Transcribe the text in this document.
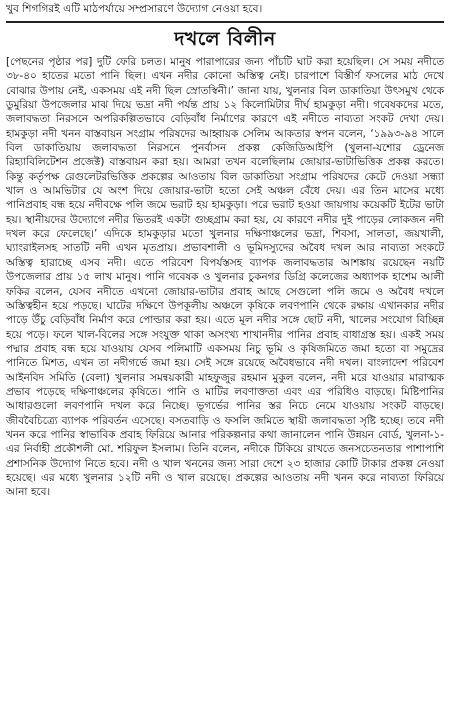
খুব শিগগিরই এটি মাঠপর্যায়ে সম্প্রসারণে উদ্যোগ নেওয়া হবে।

দখলে বিলীন

[পেছনের পৃষ্ঠার পর] দুটি ফেরি চলত। মানুষ পারাপারের জন্য পাঁচটি ঘাট করা হয়েছিল। সে সময় নদীতে ৩৮-৪০ হাতের মতো পানি ছিল। এখন নদীর কোনো অস্তিত্ব নেই। চারপাশে বিস্তীর্ণ ফসলের মাঠ দেখে বোঝার উপায় নেই, একসময় এই নদী ছিল স্রোতস্বিনী।’ জানা যায়, খুলনার বিল ডাকাতিয়া উৎসমুখ থেকে ডুমুরিয়া উপজেলার মাঝ দিয়ে ভদ্রা নদী পর্যন্ত প্রায় ১২ কিলোমিটার দীর্ঘ হামকুড়া নদী। গবেষকদের মতে, জলাবদ্ধতা নিরসনে অপরিকল্পিতভাবে বেড়িবাঁধ নির্মাণের কারণে এই নদীতে নাব্যতা সংকট দেখা দেয়। হামকুড়া নদী খনন বাস্তবায়ন সংগ্রাম পরিষদের আহ্বায়ক সেলিম আকতার স্বপন বলেন, ‘১৯৯৩-৯৪ সালে বিল ডাকাতিয়ায় জলাবদ্ধতা নিরসনে পুনর্বাসন প্রকল্প কেজিডিআইপি (খুলনা-যশোর ড্রেনেজ রিহ্যাবিলিটেশন প্রজেক্ট) বাস্তবায়ন করা হয়। আমরা তখন বলেছিলাম জোয়ার-ভাটাভিত্তিক প্রকল্প করতে। কিন্তু কর্তৃপক্ষ রেগুলেটরভিত্তিক প্রকল্পের আওতায় বিল ডাকাতিয়া সংগ্রাম পরিষদের কেটে দেওয়া সন্ধ্যা খাল ও আমভিটার যে অংশ দিয়ে জোয়ার-ভাটা হতো সেই অঞ্চল বেঁধে দেয়। এর তিন মাসের মধ্যে পানিপ্রবাহ বন্ধ হয়ে নদীবক্ষে পলি জমে ভরাট হয় হামকুড়া। পরে ভরাট হওয়া জায়গায় কয়েকটি ইটের ভাটা হয়। স্থানীয়দের উদ্যোগে নদীর ভিতরই একটা গুচ্ছগ্রাম করা হয়, যে কারণে নদীর দুই পাড়ের লোকজন নদী দখল করে ফেলেছে।’ এদিকে হামকুড়ার মতো খুলনার দক্ষিণাঞ্চলের ভদ্রা, শিবসা, সালতা, জয়খালী, ঘ্যাংরাইলসহ সাতটি নদী এখন মৃতপ্রায়। প্রভাবশালী ও ভূমিদস্যুদের অবৈধ দখল আর নাব্যতা সংকটে অস্তিত্ব হারাচ্ছে এসব নদী। এতে পরিবেশ বিপর্যস্তসহ ব্যাপক জলাবদ্ধতার আশঙ্কায় রয়েছেন নয়টি উপজেলার প্রায় ১৫ লাখ মানুষ। পানি গবেষক ও খুলনার চুকনগর ডিগ্রি কলেজের অধ্যাপক হাশেম আলী ফকির বলেন, যেসব নদীতে এখনো জোয়ার-ভাটার প্রবাহ আছে সেগুলো পলি জমে ও অবৈধ দখলে অস্তিত্বহীন হয়ে পড়ছে। ঘাটের দক্ষিণে উপকূলীয় অঞ্চলে কৃষিকে লবণপানি থেকে রক্ষায় এখানকার নদীর পাড়ে উঁচু বেড়িবাঁধ নির্মাণ করে পোল্ডার করা হয়। এতে মূল নদীর সঙ্গে ছোট নদী, খালের সংযোগ বিচ্ছিন্ন হয়ে পড়ে। ফলে খাল-বিলের সঙ্গে সংযুক্ত থাকা অসংখ্য শাখানদীর পানির প্রবাহ বাধাগ্রস্ত হয়। একই সময় পদ্মার প্রবাহ বন্ধ হয়ে যাওয়ায় যেসব পলিমাটি একসময় নিচু ভূমি ও কৃষিজমিতে জমা হতো বা সমুদ্রের পানিতে মিশত, এখন তা নদীগর্ভে জমা হয়। সেই সঙ্গে রয়েছে অবৈধভাবে নদী দখল। বাংলাদেশ পরিবেশ আইনবিদ সমিতি (বেলা) খুলনার সমন্বয়কারী মাহফুজুর রহমান মুকুল বলেন, নদী মরে যাওয়ার মারাত্মক প্রভাব পড়েছে দক্ষিণাঞ্চলের কৃষিতে। পানি ও মাটির লবণাক্ততা এবং এর পরিধিও বাড়ছে। মিষ্টিপানির আধারগুলো লবণপানি দখল করে নিচ্ছে। ভূগর্ভের পানির স্তর নিচে নেমে যাওয়ায় সংকট বাড়ছে। জীববৈচিত্র্যে ব্যাপক পরিবর্তন এসেছে। বসতবাড়ি ও ফসলি জমিতে স্থায়ী জলাবদ্ধতা সৃষ্টি হচ্ছে। তবে নদী খনন করে পানির স্বাভাবিক প্রবাহ ফিরিয়ে আনার পরিকল্পনার কথা জানালেন পানি উন্নয়ন বোর্ড, খুলনা-১-এর নির্বাহী প্রকৌশলী মো. শরিফুল ইসলাম। তিনি বলেন, নদীকে টিকিয়ে রাখতে জনসচেতনতার পাশাপাশি প্রশাসনিক উদ্যোগ নিতে হবে। নদী ও খাল খননের জন্য সারা দেশে ২৩ হাজার কোটি টাকার প্রকল্প নেওয়া হয়েছে। এর মধ্যে খুলনার ১২টি নদী ও খাল রয়েছে। প্রকল্পের আওতায় নদী খনন করে নাব্যতা ফিরিয়ে আনা হবে।
